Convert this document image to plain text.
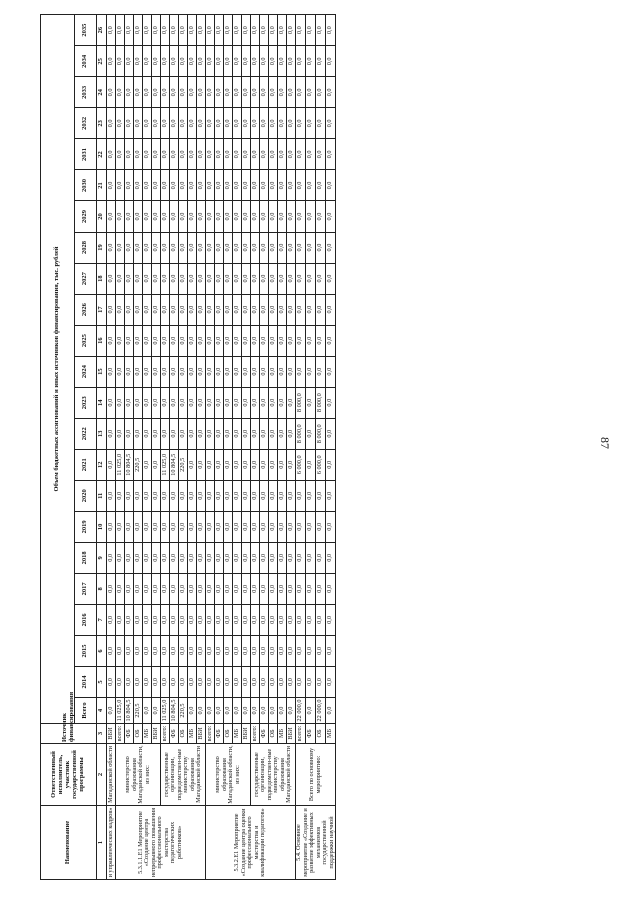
87
Наименование	Ответственный исполнитель, участник государственной программы	Источник финансирования	Объем бюджетных ассигнований и иных источников финансирования, тыс. рублей																						
			Всего	2014	2015	2016	2017	2018	2019	2020	2021	2022	2023	2024	2025	2026	2027	2028	2029	2030	2031	2032	2033	2034	2035
1	2	3	4	5	6	7	8	9	10	11	12	13	14	15	16	17	18	19	20	21	22	23	24	25	26
и управленческих кадров»	Магаданской области	ВБИ	0,0	0,0	0,0	0,0	0,0	0,0	0,0	0,0	0,0	0,0	0,0	0,0	0,0	0,0	0,0	0,0	0,0	0,0	0,0	0,0	0,0	0,0	0,0
5.3.1.1.Е1 Мероприятие «Создание центра непрерывного повышения профессионального мастерства педагогических работников»	министерство образования Магаданской области, из них:	всего:	11 025,0	0,0	0,0	0,0	0,0	0,0	0,0	0,0	11 025,0	0,0	0,0	0,0	0,0	0,0	0,0	0,0	0,0	0,0	0,0	0,0	0,0	0,0	0,0
		ФБ	10 804,5	0,0	0,0	0,0	0,0	0,0	0,0	0,0	10 804,5	0,0	0,0	0,0	0,0	0,0	0,0	0,0	0,0	0,0	0,0	0,0	0,0	0,0	0,0
		ОБ	220,5	0,0	0,0	0,0	0,0	0,0	0,0	0,0	220,5	0,0	0,0	0,0	0,0	0,0	0,0	0,0	0,0	0,0	0,0	0,0	0,0	0,0	0,0
		МБ	0,0	0,0	0,0	0,0	0,0	0,0	0,0	0,0	0,0	0,0	0,0	0,0	0,0	0,0	0,0	0,0	0,0	0,0	0,0	0,0	0,0	0,0	0,0
		ВБИ	0,0	0,0	0,0	0,0	0,0	0,0	0,0	0,0	0,0	0,0	0,0	0,0	0,0	0,0	0,0	0,0	0,0	0,0	0,0	0,0	0,0	0,0	0,0
	государственные организации, подведомствен-ные министерству образования Магаданской области	всего:	11 025,0	0,0	0,0	0,0	0,0	0,0	0,0	0,0	11 025,0	0,0	0,0	0,0	0,0	0,0	0,0	0,0	0,0	0,0	0,0	0,0	0,0	0,0	0,0
		ФБ	10 804,5	0,0	0,0	0,0	0,0	0,0	0,0	0,0	10 804,5	0,0	0,0	0,0	0,0	0,0	0,0	0,0	0,0	0,0	0,0	0,0	0,0	0,0	0,0
		ОБ	220,5	0,0	0,0	0,0	0,0	0,0	0,0	0,0	220,5	0,0	0,0	0,0	0,0	0,0	0,0	0,0	0,0	0,0	0,0	0,0	0,0	0,0	0,0
		МБ	0,0	0,0	0,0	0,0	0,0	0,0	0,0	0,0	0,0	0,0	0,0	0,0	0,0	0,0	0,0	0,0	0,0	0,0	0,0	0,0	0,0	0,0	0,0
		ВБИ	0,0	0,0	0,0	0,0	0,0	0,0	0,0	0,0	0,0	0,0	0,0	0,0	0,0	0,0	0,0	0,0	0,0	0,0	0,0	0,0	0,0	0,0	0,0
5.3.2.Е1 Мероприятие «Создание центра оценки профессионального мастерства и квалификации педагогов»	министерство образования Магаданской области, из них:	всего:	0,0	0,0	0,0	0,0	0,0	0,0	0,0	0,0	0,0	0,0	0,0	0,0	0,0	0,0	0,0	0,0	0,0	0,0	0,0	0,0	0,0	0,0	0,0
		ФБ	0,0	0,0	0,0	0,0	0,0	0,0	0,0	0,0	0,0	0,0	0,0	0,0	0,0	0,0	0,0	0,0	0,0	0,0	0,0	0,0	0,0	0,0	0,0
		ОБ	0,0	0,0	0,0	0,0	0,0	0,0	0,0	0,0	0,0	0,0	0,0	0,0	0,0	0,0	0,0	0,0	0,0	0,0	0,0	0,0	0,0	0,0	0,0
		МБ	0,0	0,0	0,0	0,0	0,0	0,0	0,0	0,0	0,0	0,0	0,0	0,0	0,0	0,0	0,0	0,0	0,0	0,0	0,0	0,0	0,0	0,0	0,0
		ВБИ	0,0	0,0	0,0	0,0	0,0	0,0	0,0	0,0	0,0	0,0	0,0	0,0	0,0	0,0	0,0	0,0	0,0	0,0	0,0	0,0	0,0	0,0	0,0
	государственные организации, подведомствен-ные министерству образования Магаданской области	всего:	0,0	0,0	0,0	0,0	0,0	0,0	0,0	0,0	0,0	0,0	0,0	0,0	0,0	0,0	0,0	0,0	0,0	0,0	0,0	0,0	0,0	0,0	0,0
		ФБ	0,0	0,0	0,0	0,0	0,0	0,0	0,0	0,0	0,0	0,0	0,0	0,0	0,0	0,0	0,0	0,0	0,0	0,0	0,0	0,0	0,0	0,0	0,0
		ОБ	0,0	0,0	0,0	0,0	0,0	0,0	0,0	0,0	0,0	0,0	0,0	0,0	0,0	0,0	0,0	0,0	0,0	0,0	0,0	0,0	0,0	0,0	0,0
		МБ	0,0	0,0	0,0	0,0	0,0	0,0	0,0	0,0	0,0	0,0	0,0	0,0	0,0	0,0	0,0	0,0	0,0	0,0	0,0	0,0	0,0	0,0	0,0
		ВБИ	0,0	0,0	0,0	0,0	0,0	0,0	0,0	0,0	0,0	0,0	0,0	0,0	0,0	0,0	0,0	0,0	0,0	0,0	0,0	0,0	0,0	0,0	0,0
5.4. Основное мероприятие «Создание и развитие эффективных механизмов государственной поддержки научной	Всего по основному мероприятию:	всего:	22 000,0	0,0	0,0	0,0	0,0	0,0	0,0	0,0	6 000,0	8 000,0	8 000,0	0,0	0,0	0,0	0,0	0,0	0,0	0,0	0,0	0,0	0,0	0,0	0,0
		ФБ	0,0	0,0	0,0	0,0	0,0	0,0	0,0	0,0	0,0	0,0	0,0	0,0	0,0	0,0	0,0	0,0	0,0	0,0	0,0	0,0	0,0	0,0	0,0
		ОБ	22 000,0	0,0	0,0	0,0	0,0	0,0	0,0	0,0	6 000,0	8 000,0	8 000,0	0,0	0,0	0,0	0,0	0,0	0,0	0,0	0,0	0,0	0,0	0,0	0,0
		МБ	0,0	0,0	0,0	0,0	0,0	0,0	0,0	0,0	0,0	0,0	0,0	0,0	0,0	0,0	0,0	0,0	0,0	0,0	0,0	0,0	0,0	0,0	0,0
